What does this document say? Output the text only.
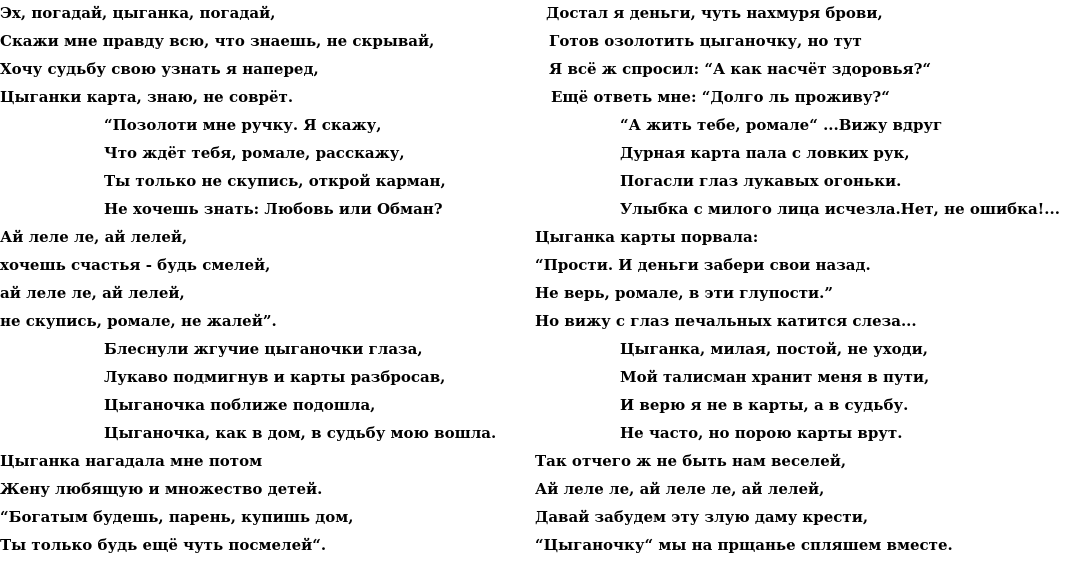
Эх, погадай, цыганка, погадай,
Скажи мне правду всю, что знаешь, не скрывай,
Хочу судьбу свою узнать я наперед,
Цыганки карта, знаю, не соврёт.
“Позолоти мне ручку. Я скажу,
Что ждёт тебя, ромале, расскажу,
Ты только не скупись, открой карман,
Не хочешь знать: Любовь или Обман?
Ай леле ле, ай лелей,
хочешь счастья - будь смелей,
ай леле ле, ай лелей,
не скупись, ромале, не жалей”.
Блеснули жгучие цыганочки глаза,
Лукаво подмигнув и карты разбросав,
Цыганочка поближе подошла,
Цыганочка, как в дом, в судьбу мою вошла.
Цыганка нагадала мне потом
Жену любящую и множество детей.
“Богатым будешь, парень, купишь дом,
Ты только будь ещё чуть посмелей“.
Достал я деньги, чуть нахмуря брови,
Готов озолотить цыганочку, но тут
Я всё ж спросил: “А как насчёт здоровья?“
Ещё ответь мне: “Долго ль проживу?“
“А жить тебе, ромале“ ...Вижу вдруг
Дурная карта пала с ловких рук,
Погасли глаз лукавых огоньки.
Улыбка с милого лица исчезла.Нет, не ошибка!...
Цыганка карты порвала:
“Прости. И деньги забери свои назад.
Не верь, ромале, в эти глупости.”
Но вижу с глаз печальных катится слеза...
Цыганка, милая, постой, не уходи,
Мой талисман хранит меня в пути,
И верю я не в карты, а в судьбу.
Не часто, но порою карты врут.
Так отчего ж не быть нам веселей,
Ай леле ле, ай леле ле, ай лелей,
Давай забудем эту злую даму крести,
“Цыганочку“ мы на прщанье спляшем вместе.
